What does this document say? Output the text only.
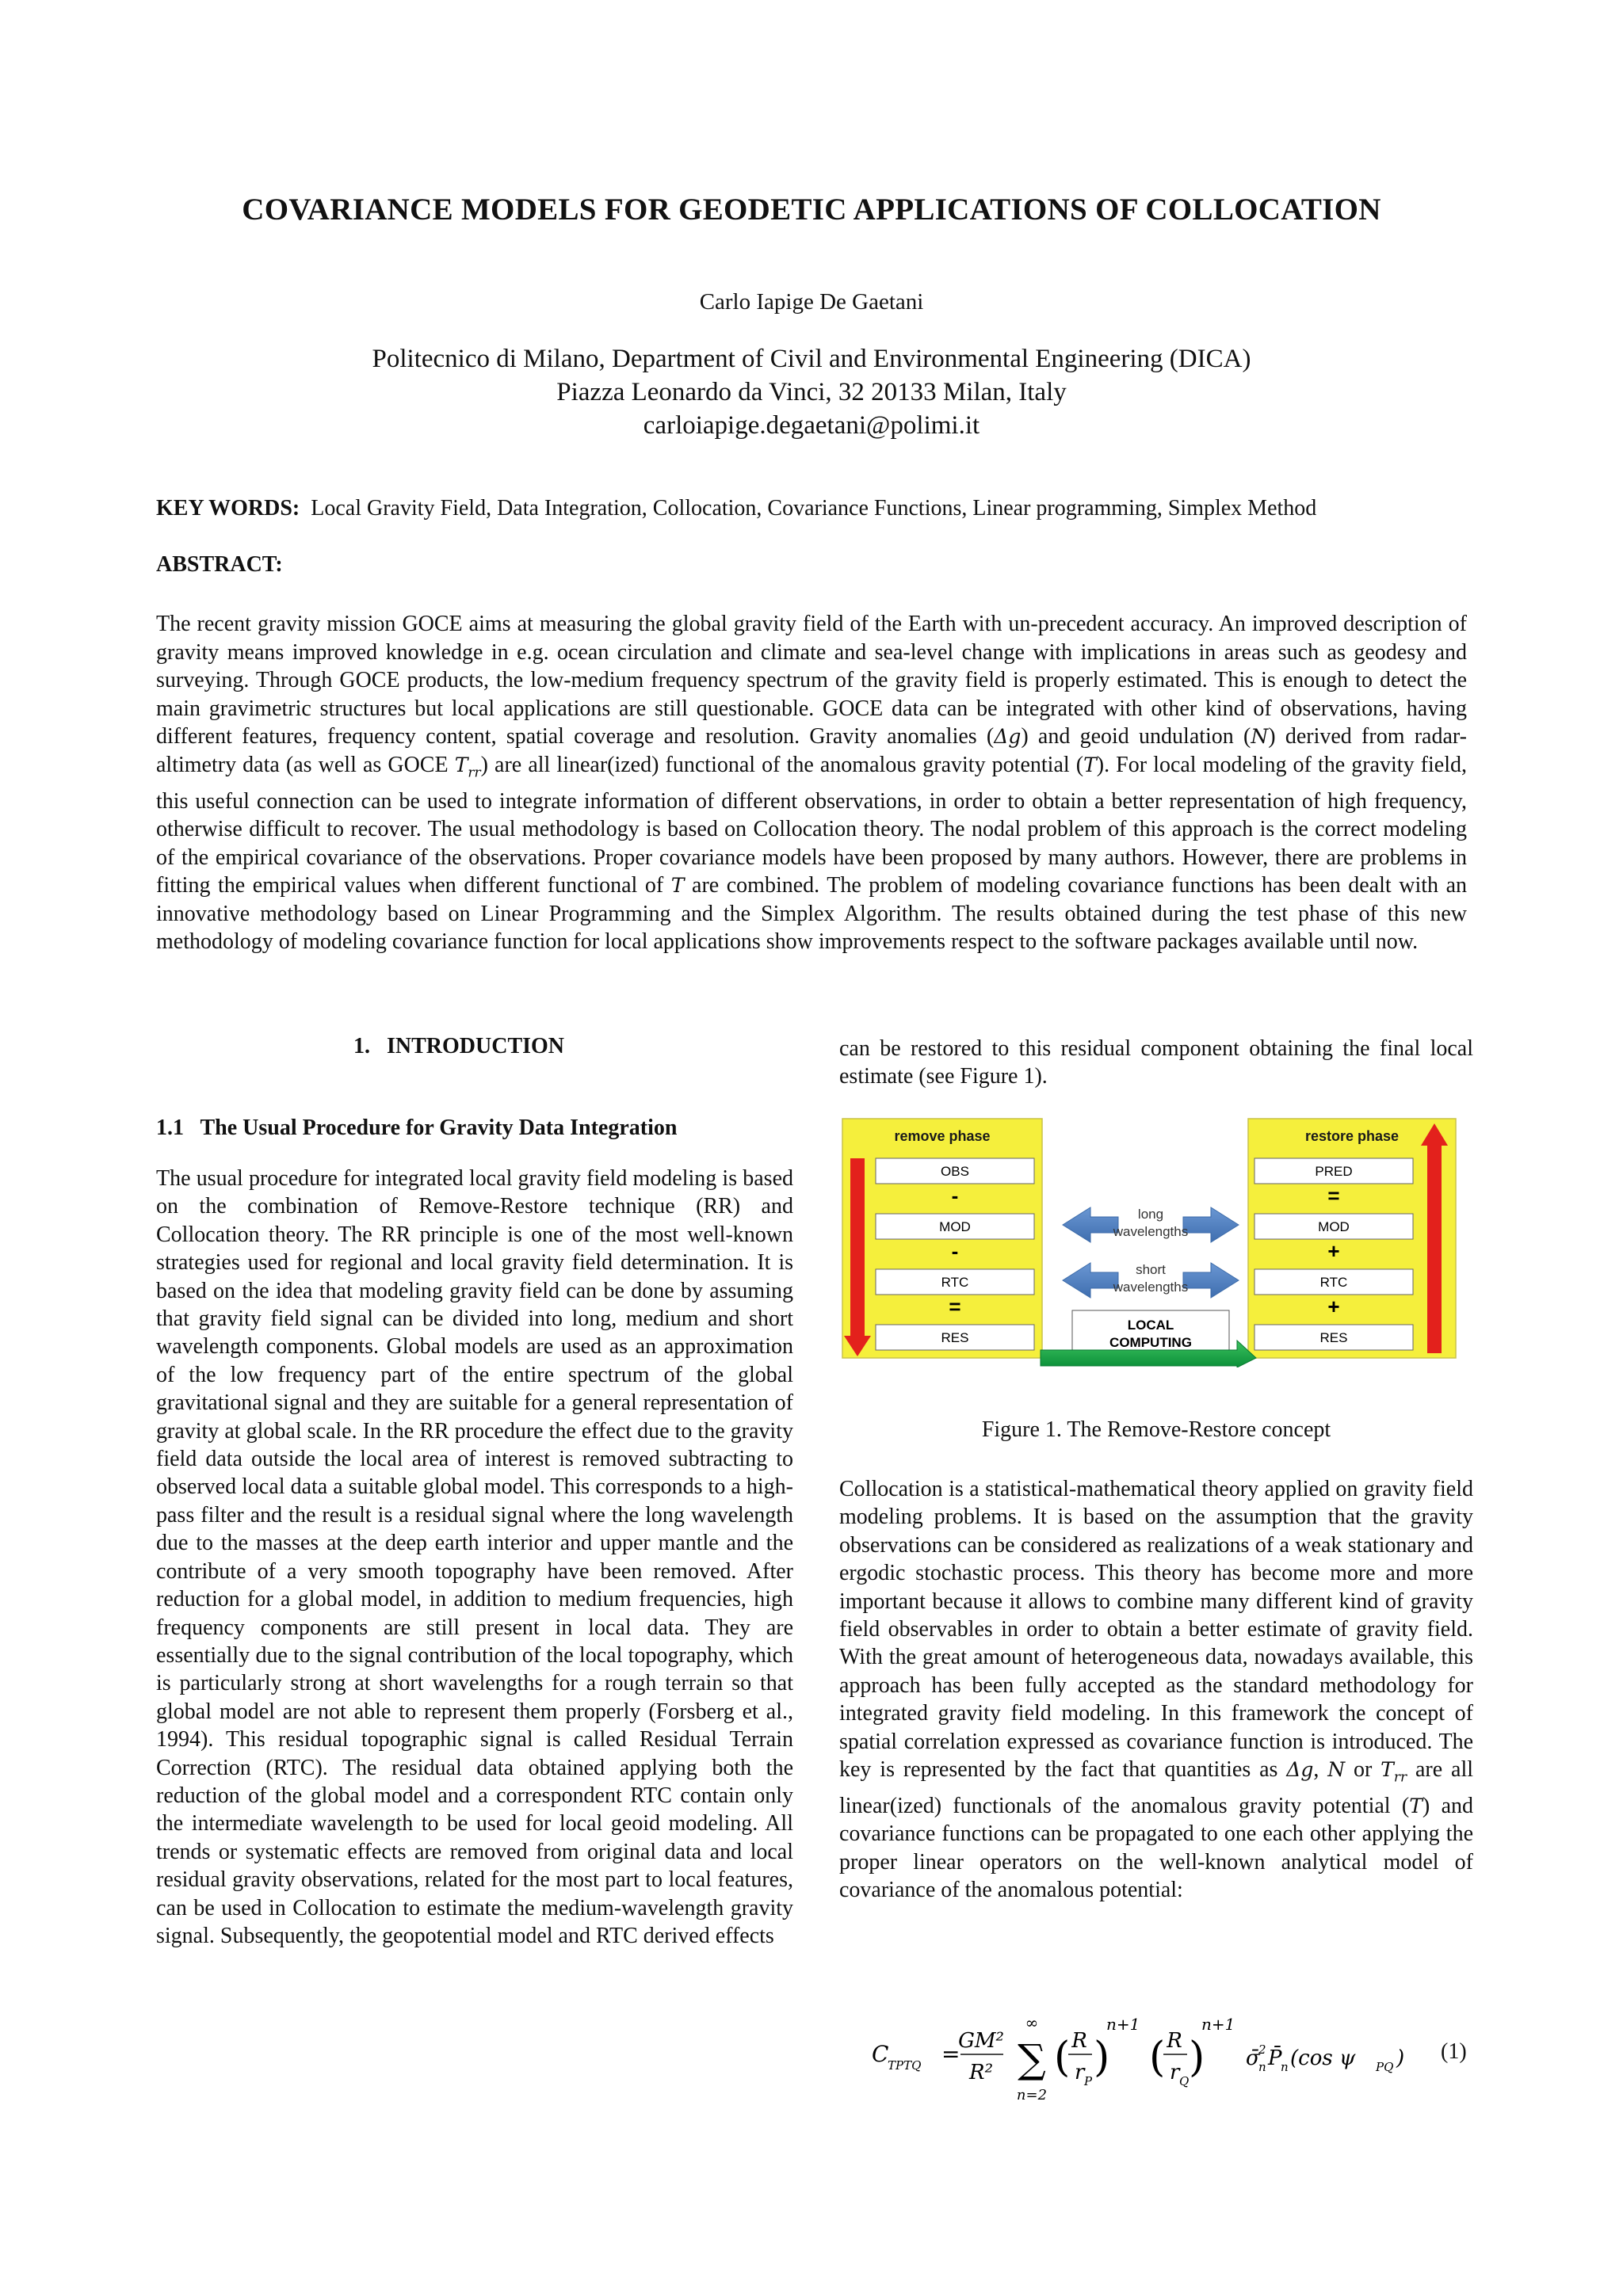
COVARIANCE MODELS FOR GEODETIC APPLICATIONS OF COLLOCATION
Carlo Iapige De Gaetani
Politecnico di Milano, Department of Civil and Environmental Engineering (DICA)
Piazza Leonardo da Vinci, 32 20133 Milan, Italy
carloiapige.degaetani@polimi.it
KEY WORDS: Local Gravity Field, Data Integration, Collocation, Covariance Functions, Linear programming, Simplex Method
ABSTRACT:
The recent gravity mission GOCE aims at measuring the global gravity field of the Earth with un-precedent accuracy. An improved description of gravity means improved knowledge in e.g. ocean circulation and climate and sea-level change with implications in areas such as geodesy and surveying. Through GOCE products, the low-medium frequency spectrum of the gravity field is properly estimated. This is enough to detect the main gravimetric structures but local applications are still questionable. GOCE data can be integrated with other kind of observations, having different features, frequency content, spatial coverage and resolution. Gravity anomalies (Δg) and geoid undulation (N) derived from radar-altimetry data (as well as GOCE $T_{rr}$) are all linear(ized) functional of the anomalous gravity potential (T). For local modeling of the gravity field, this useful connection can be used to integrate information of different observations, in order to obtain a better representation of high frequency, otherwise difficult to recover. The usual methodology is based on Collocation theory. The nodal problem of this approach is the correct modeling of the empirical covariance of the observations. Proper covariance models have been proposed by many authors. However, there are problems in fitting the empirical values when different functional of T are combined. The problem of modeling covariance functions has been dealt with an innovative methodology based on Linear Programming and the Simplex Algorithm. The results obtained during the test phase of this new methodology of modeling covariance function for local applications show improvements respect to the software packages available until now.
1.   INTRODUCTION
1.1   The Usual Procedure for Gravity Data Integration
The usual procedure for integrated local gravity field modeling is based on the combination of Remove-Restore technique (RR) and Collocation theory. The RR principle is one of the most well-known strategies used for regional and local gravity field determination. It is based on the idea that modeling gravity field can be done by assuming that gravity field signal can be divided into long, medium and short wavelength components. Global models are used as an approximation of the low frequency part of the entire spectrum of the global gravitational signal and they are suitable for a general representation of gravity at global scale. In the RR procedure the effect due to the gravity field data outside the local area of interest is removed subtracting to observed local data a suitable global model. This corresponds to a high-pass filter and the result is a residual signal where the long wavelength due to the masses at the deep earth interior and upper mantle and the contribute of a very smooth topography have been removed. After reduction for a global model, in addition to medium frequencies, high frequency components are still present in local data. They are essentially due to the signal contribution of the local topography, which is particularly strong at short wavelengths for a rough terrain so that global model are not able to represent them properly (Forsberg et al., 1994). This residual topographic signal is called Residual Terrain Correction (RTC). The residual data obtained applying both the reduction of the global model and a correspondent RTC contain only the intermediate wavelength to be used for local geoid modeling. All trends or systematic effects are removed from original data and local residual gravity observations, related for the most part to local features, can be used in Collocation to estimate the medium-wavelength gravity signal. Subsequently, the geopotential model and RTC derived effects
can be restored to this residual component obtaining the final local estimate (see Figure 1).
remove phase	restore phase
OBS
-
MOD
-
RTC
=
RES
PRED
=
MOD
+
RTC
+
RES
long
wavelengths
short
wavelengths
LOCAL
COMPUTING
Figure 1. The Remove-Restore concept
Collocation is a statistical-mathematical theory applied on gravity field modeling problems. It is based on the assumption that the gravity observations can be considered as realizations of a weak stationary and ergodic stochastic process. This theory has become more and more important because it allows to combine many different kind of gravity field observables in order to obtain a better estimate of gravity field. With the great amount of heterogeneous data, nowadays available, this approach has been fully accepted as the standard methodology for integrated gravity field modeling. In this framework the concept of spatial correlation expressed as covariance function is introduced. The key is represented by the fact that quantities as Δg, N or $T_{rr}$ are all linear(ized) functionals of the anomalous gravity potential (T) and covariance functions can be propagated to one each other applying the proper linear operators on the well-known analytical model of covariance of the anomalous potential:
C
TPTQ =
GM²
R²
∞
∑
n=2
( R
r P )
n+1
( R
r Q )
n+1
σ̄
2
n P̄
n (cos ψ PQ ) (1)
